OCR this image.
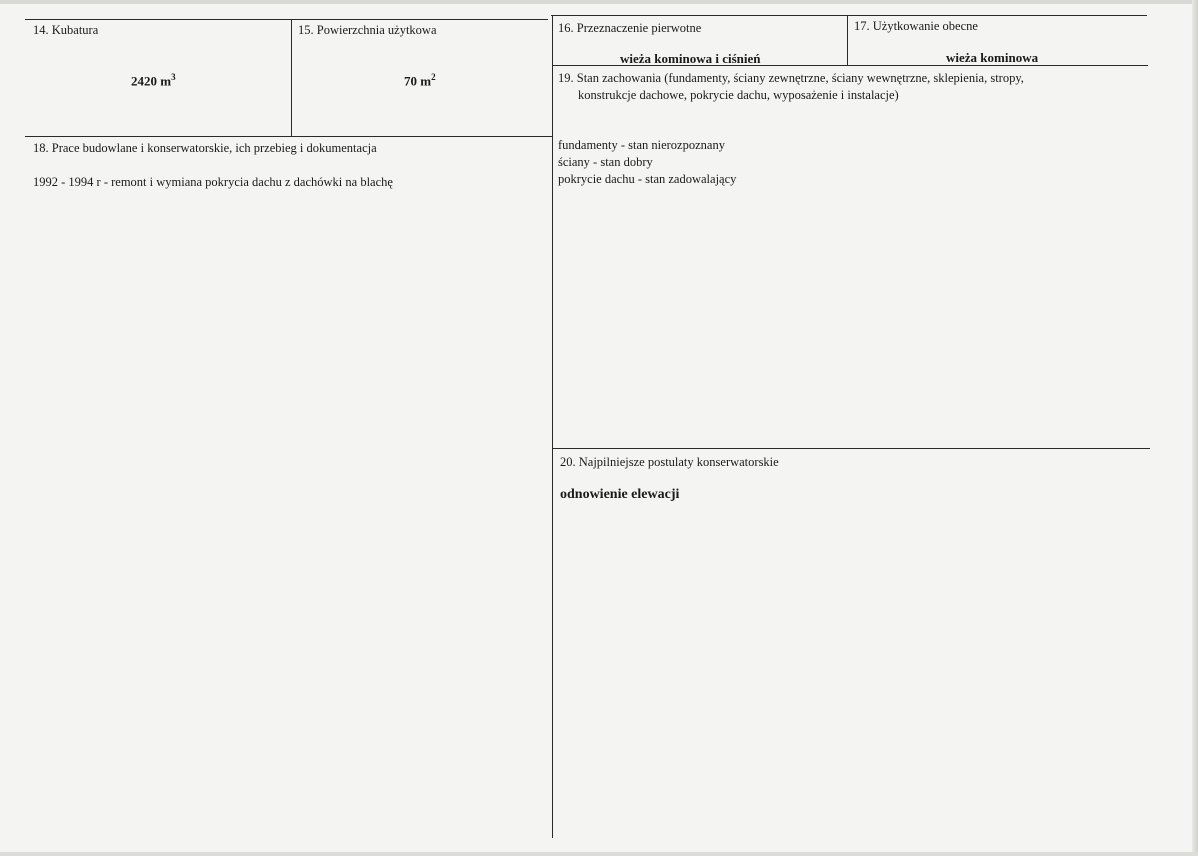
14. Kubatura
2420 $m^3$
15. Powierzchnia użytkowa
70 $m^2$
16. Przeznaczenie pierwotne
wieża kominowa i ciśnień
17. Użytkowanie obecne
wieża kominowa
18. Prace budowlane i konserwatorskie, ich przebieg i dokumentacja
1992 - 1994 r - remont i wymiana pokrycia dachu z dachówki na blachę
19. Stan zachowania (fundamenty, ściany zewnętrzne, ściany wewnętrzne, sklepienia, stropy,
konstrukcje dachowe, pokrycie dachu, wyposażenie i instalacje)
fundamenty - stan nierozpoznany
ściany - stan dobry
pokrycie dachu - stan zadowalający
20. Najpilniejsze postulaty konserwatorskie
odnowienie elewacji
